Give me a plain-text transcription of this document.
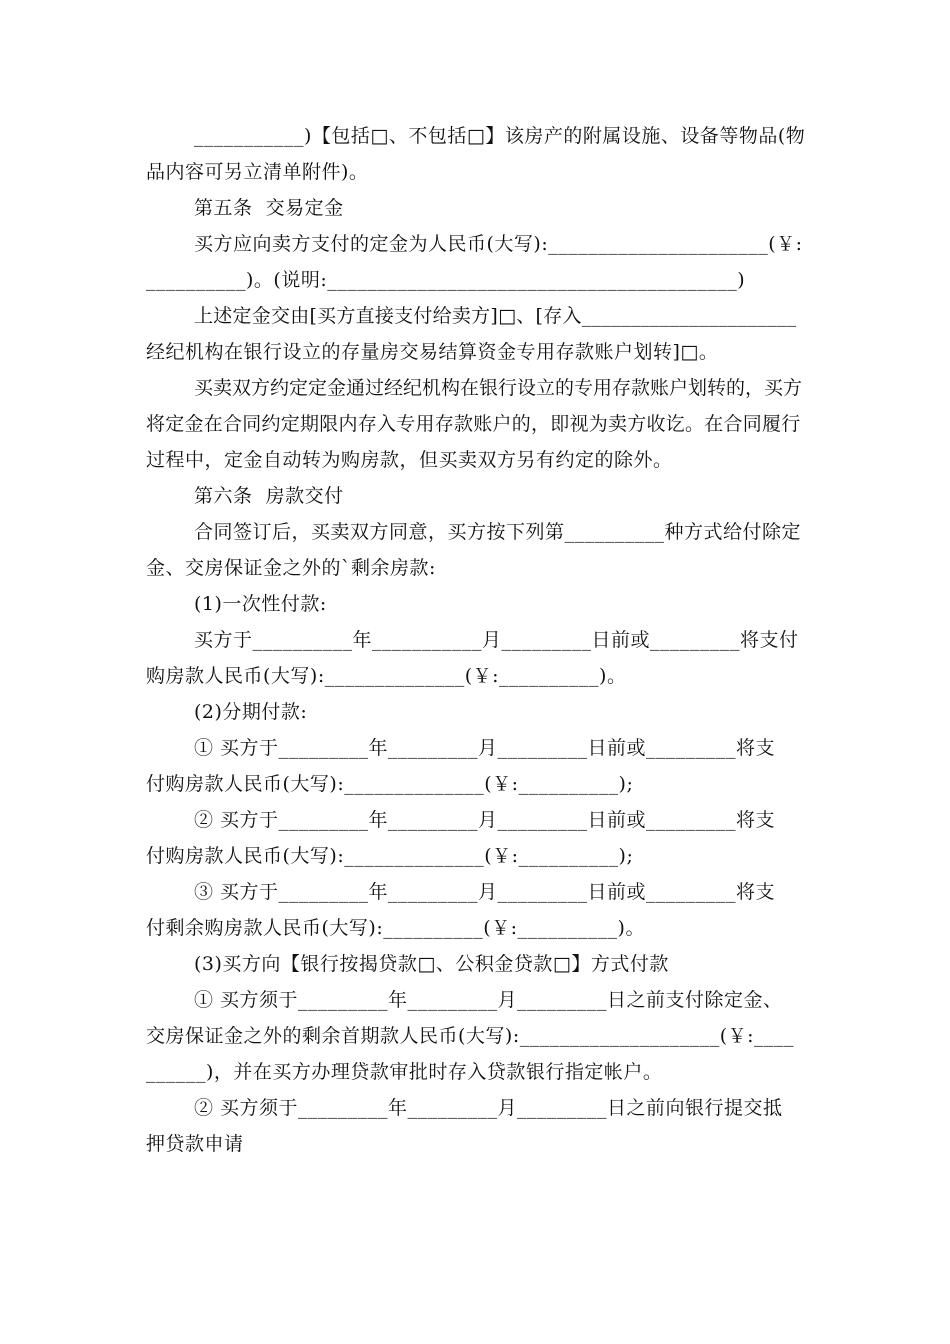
___________)【包括□、不包括□】该房产的附属设施、设备等物品(物
品内容可另立清单附件)。
第五条  交易定金
买方应向卖方支付的定金为人民币(大写):______________________(￥:
__________)。(说明:_________________________________________)
上述定金交由[买方直接支付给卖方]□、[存入______________________
经纪机构在银行设立的存量房交易结算资金专用存款账户划转]□。
买卖双方约定定金通过经纪机构在银行设立的专用存款账户划转的，买方
将定金在合同约定期限内存入专用存款账户的，即视为卖方收讫。在合同履行
过程中，定金自动转为购房款，但买卖双方另有约定的除外。
第六条  房款交付
合同签订后，买卖双方同意，买方按下列第__________种方式给付除定
金、交房保证金之外的`剩余房款:
(1)一次性付款:
买方于__________年___________月_________日前或_________将支付
购房款人民币(大写):______________(￥:__________)。
(2)分期付款:
① 买方于_________年_________月_________日前或_________将支
付购房款人民币(大写):______________(￥:__________);
② 买方于_________年_________月_________日前或_________将支
付购房款人民币(大写):______________(￥:__________);
③ 买方于_________年_________月_________日前或_________将支
付剩余购房款人民币(大写):__________(￥:__________)。
(3)买方向【银行按揭贷款□、公积金贷款□】方式付款
① 买方须于_________年_________月_________日之前支付除定金、
交房保证金之外的剩余首期款人民币(大写):____________________(￥:____
______)，并在买方办理贷款审批时存入贷款银行指定帐户。
② 买方须于_________年_________月_________日之前向银行提交抵
押贷款申请
